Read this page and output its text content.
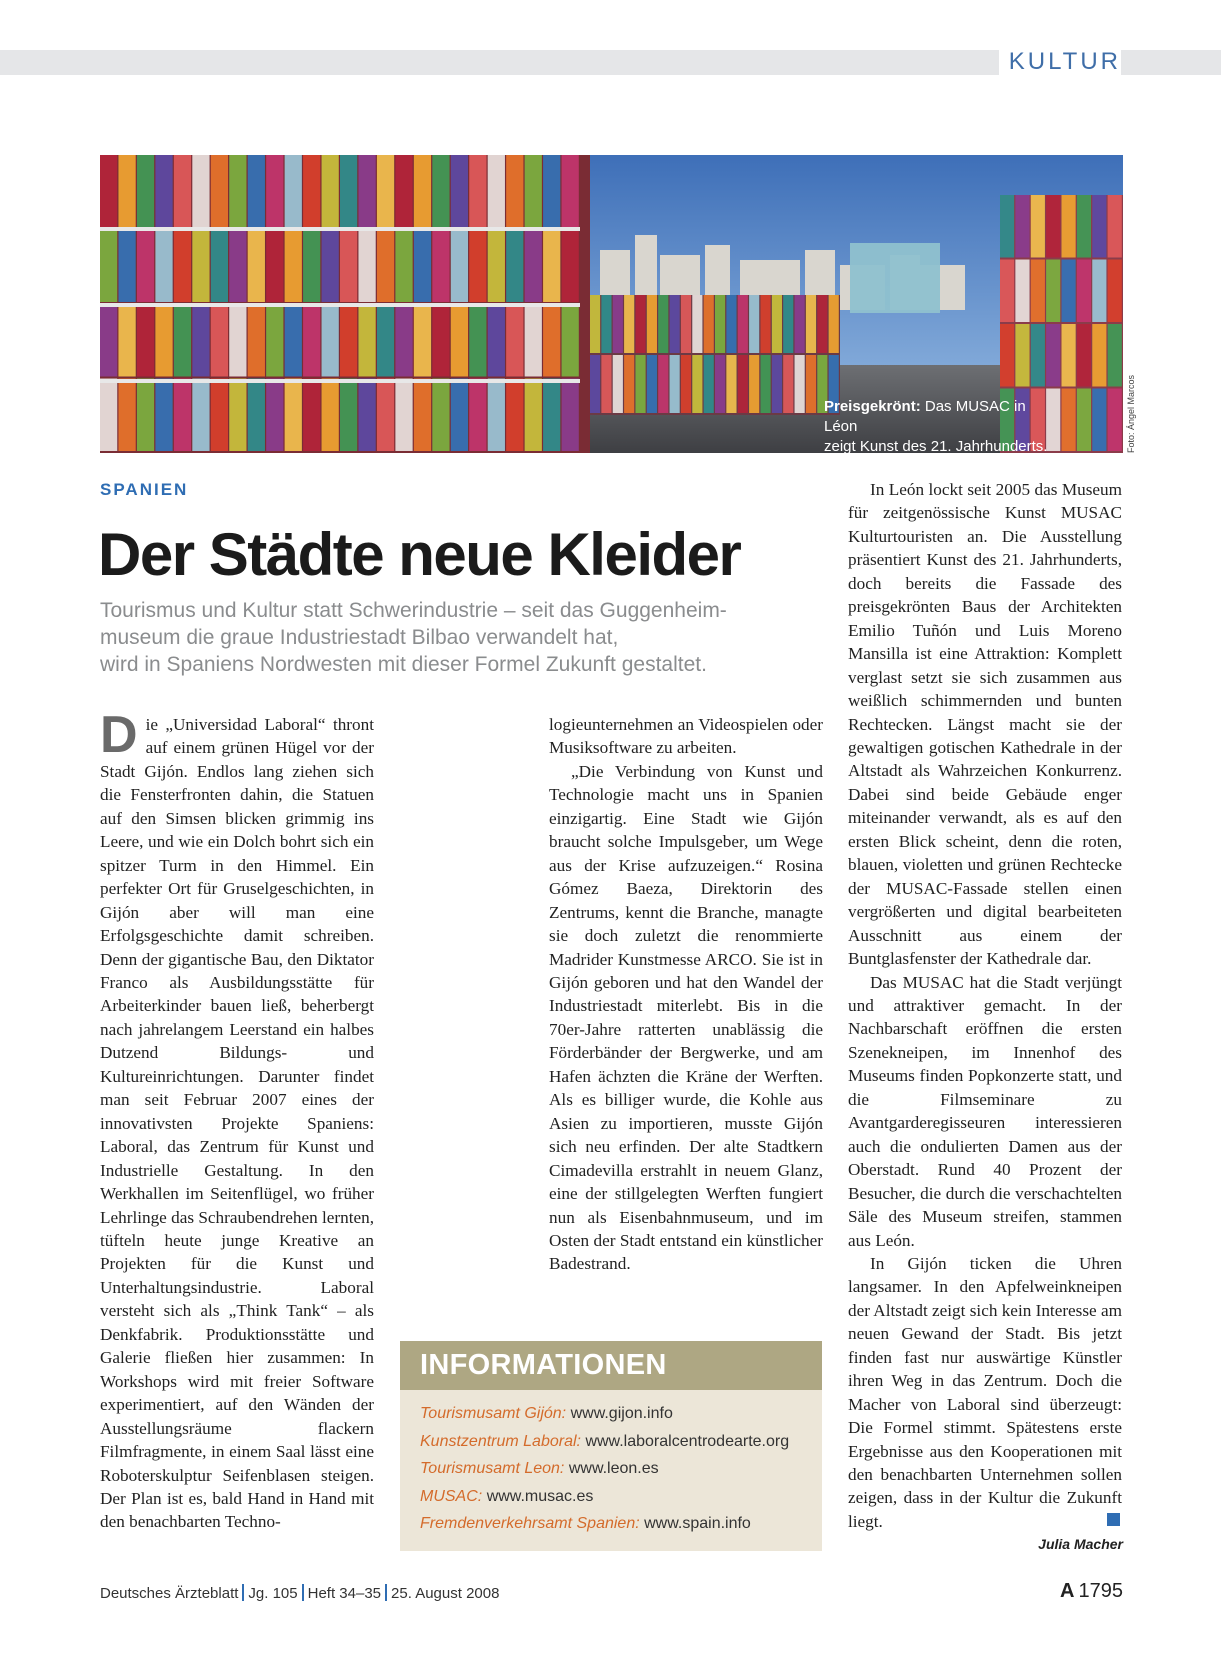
KULTUR
Preisgekrönt: Das MUSAC in Léon
zeigt Kunst des 21. Jahrhunderts.	Foto: Ángel Marcos
SPANIEN
Der Städte neue Kleider
Tourismus und Kultur statt Schwerindustrie – seit das Guggenheim-
museum die graue Industriestadt Bilbao verwandelt hat,
wird in Spaniens Nordwesten mit dieser Formel Zukunft gestaltet.
D ie „Universidad Laboral“ thront auf einem grünen Hügel vor der Stadt Gijón. Endlos lang ziehen sich die Fensterfronten dahin, die Statuen auf den Simsen blicken grimmig ins Leere, und wie ein Dolch bohrt sich ein spitzer Turm in den Himmel. Ein perfekter Ort für Gruselgeschichten, in Gijón aber will man eine Erfolgsgeschichte damit schreiben. Denn der gigantische Bau, den Diktator Franco als Ausbildungsstätte für Arbeiterkinder bauen ließ, beherbergt nach jahrelangem Leerstand ein halbes Dutzend Bildungs- und Kultureinrichtungen. Darunter findet man seit Februar 2007 eines der innovativsten Projekte Spaniens: Laboral, das Zentrum für Kunst und Industrielle Gestaltung. In den Werkhallen im Seitenflügel, wo früher Lehrlinge das Schraubendrehen lernten, tüfteln heute junge Kreative an Projekten für die Kunst und Unterhaltungsindustrie. Laboral versteht sich als „Think Tank“ – als Denkfabrik. Produktionsstätte und Galerie fließen hier zusammen: In Workshops wird mit freier Software experimentiert, auf den Wänden der Ausstellungsräume flackern Filmfragmente, in einem Saal lässt eine Roboterskulptur Seifenblasen steigen. Der Plan ist es, bald Hand in Hand mit den benachbarten Techno-

logieunternehmen an Videospielen oder Musiksoftware zu arbeiten.

„Die Verbindung von Kunst und Technologie macht uns in Spanien einzigartig. Eine Stadt wie Gijón braucht solche Impulsgeber, um Wege aus der Krise aufzuzeigen.“ Rosina Gómez Baeza, Direktorin des Zentrums, kennt die Branche, managte sie doch zuletzt die renommierte Madrider Kunstmesse ARCO. Sie ist in Gijón geboren und hat den Wandel der Industriestadt miterlebt. Bis in die 70er-Jahre ratterten unablässig die Förderbänder der Bergwerke, und am Hafen ächzten die Kräne der Werften. Als es billiger wurde, die Kohle aus Asien zu importieren, musste Gijón sich neu erfinden. Der alte Stadtkern Cimadevilla erstrahlt in neuem Glanz, eine der stillgelegten Werften fungiert nun als Eisenbahnmuseum, und im Osten der Stadt entstand ein künstlicher Badestrand.

In León lockt seit 2005 das Museum für zeitgenössische Kunst MUSAC Kulturtouristen an. Die Ausstellung präsentiert Kunst des 21. Jahrhunderts, doch bereits die Fassade des preisgekrönten Baus der Architekten Emilio Tuñón und Luis Moreno Mansilla ist eine Attraktion: Komplett verglast setzt sie sich zusammen aus weißlich schimmernden und bunten Rechtecken. Längst macht sie der gewaltigen gotischen Kathedrale in der Altstadt als Wahrzeichen Konkurrenz. Dabei sind beide Gebäude enger miteinander verwandt, als es auf den ersten Blick scheint, denn die roten, blauen, violetten und grünen Rechtecke der MUSAC-Fassade stellen einen vergrößerten und digital bearbeiteten Ausschnitt aus einem der Buntglasfenster der Kathedrale dar.

Das MUSAC hat die Stadt verjüngt und attraktiver gemacht. In der Nachbarschaft eröffnen die ersten Szenekneipen, im Innenhof des Museums finden Popkonzerte statt, und die Filmseminare zu Avantgarderegisseuren interessieren auch die ondulierten Damen aus der Oberstadt. Rund 40 Prozent der Besucher, die durch die verschachtelten Säle des Museum streifen, stammen aus León.

In Gijón ticken die Uhren langsamer. In den Apfelweinkneipen der Altstadt zeigt sich kein Interesse am neuen Gewand der Stadt. Bis jetzt finden fast nur auswärtige Künstler ihren Weg in das Zentrum. Doch die Macher von Laboral sind überzeugt: Die Formel stimmt. Spätestens erste Ergebnisse aus den Kooperationen mit den benachbarten Unternehmen sollen zeigen, dass in der Kultur die Zukunft liegt.

INFORMATIONEN
Tourismusamt Gijón: www.gijon.info
Kunstzentrum Laboral: www.laboralcentrodearte.org
Tourismusamt Leon: www.leon.es
MUSAC: www.musac.es
Fremdenverkehrsamt Spanien: www.spain.info
Julia Macher
Deutsches Ärzteblatt Jg. 105 Heft 34–35 25. August 2008	A 1795
